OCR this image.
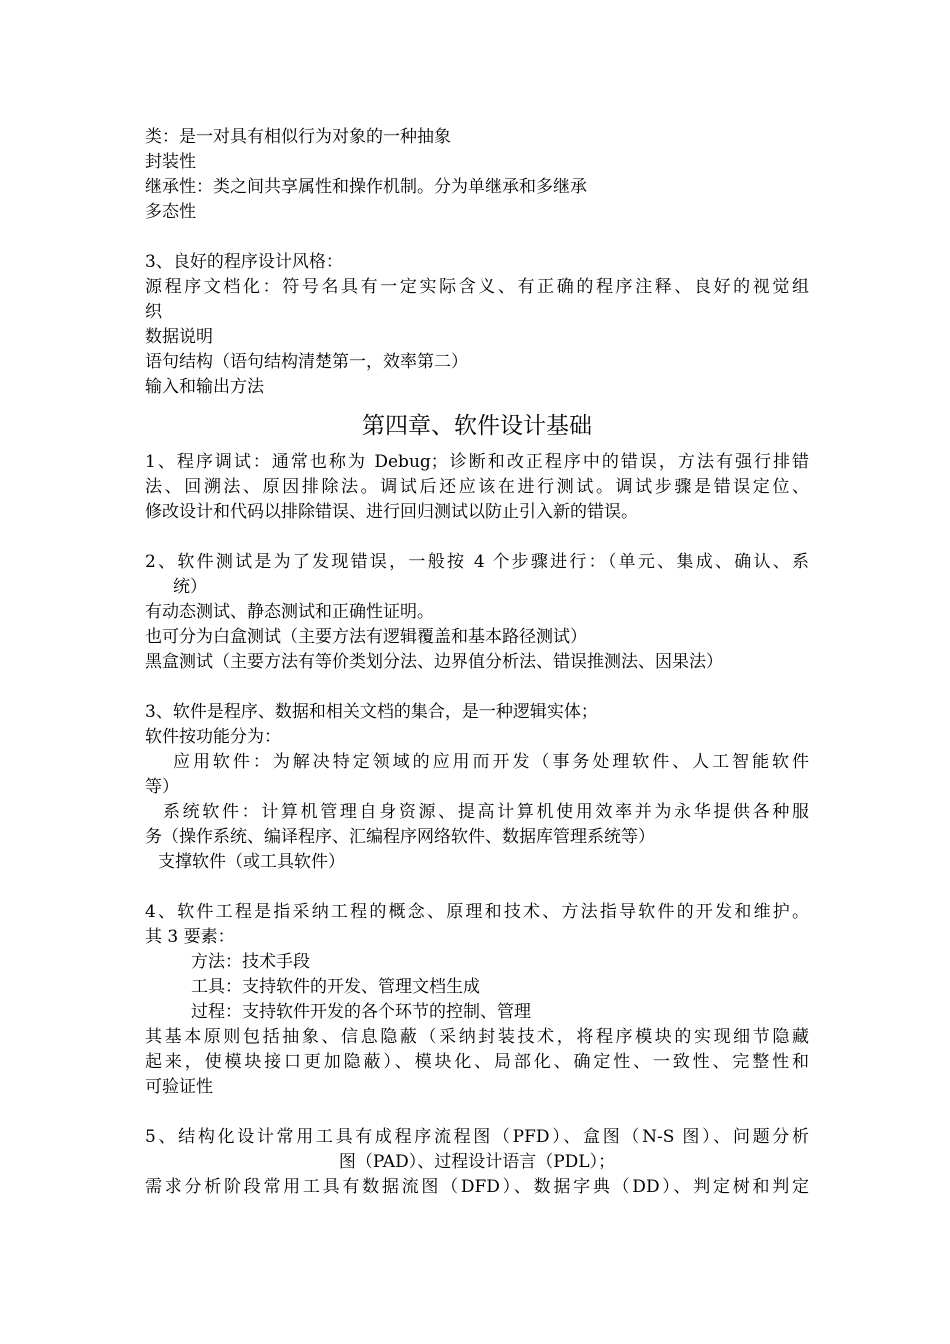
类：是一对具有相似行为对象的一种抽象
封装性
继承性：类之间共享属性和操作机制。分为单继承和多继承
多态性
3、良好的程序设计风格：
源程序文档化：符号名具有一定实际含义、有正确的程序注释、良好的视觉组
织
数据说明
语句结构（语句结构清楚第一，效率第二）
输入和输出方法
第四章、软件设计基础
1、程序调试：通常也称为 Debug；诊断和改正程序中的错误，方法有强行排错
法、回溯法、原因排除法。调试后还应该在进行测试。调试步骤是错误定位、
修改设计和代码以排除错误、进行回归测试以防止引入新的错误。
2、软件测试是为了发现错误，一般按 4 个步骤进行：（单元、集成、确认、系
统）
有动态测试、静态测试和正确性证明。
也可分为白盒测试（主要方法有逻辑覆盖和基本路径测试）
黑盒测试（主要方法有等价类划分法、边界值分析法、错误推测法、因果法）
3、软件是程序、数据和相关文档的集合，是一种逻辑实体；
软件按功能分为：
应用软件：为解决特定领域的应用而开发（事务处理软件、人工智能软件
等）
系统软件：计算机管理自身资源、提高计算机使用效率并为永华提供各种服
务（操作系统、编译程序、汇编程序网络软件、数据库管理系统等）
支撑软件（或工具软件）
4、软件工程是指采纳工程的概念、原理和技术、方法指导软件的开发和维护。
其 3 要素：
方法：技术手段
工具：支持软件的开发、管理文档生成
过程：支持软件开发的各个环节的控制、管理
其基本原则包括抽象、信息隐蔽（采纳封装技术，将程序模块的实现细节隐藏
起来，使模块接口更加隐蔽）、模块化、局部化、确定性、一致性、完整性和
可验证性
5、结构化设计常用工具有成程序流程图（PFD）、盒图（N-S 图）、问题分析
图（PAD）、过程设计语言（PDL）；
需求分析阶段常用工具有数据流图（DFD）、数据字典（DD）、判定树和判定
